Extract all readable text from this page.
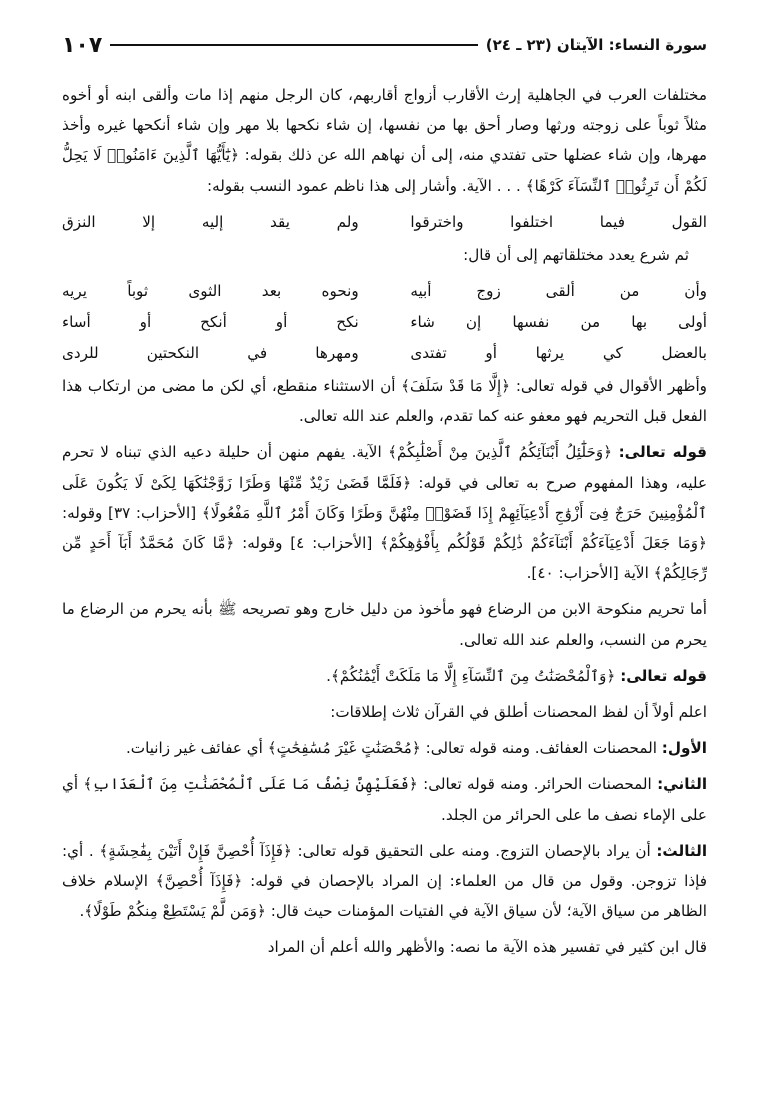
سورة النساء: الآيتان (٢٣ ـ ٢٤)
١٠٧

مختلفات العرب في الجاهلية إرث الأقارب أزواج أقاربهم، كان الرجل منهم إذا مات وألقى ابنه أو أخوه مثلاً ثوباً على زوجته ورثها وصار أحق بها من نفسها، إن شاء نكحها بلا مهر وإن شاء أنكحها غيره وأخذ مهرها، وإن شاء عضلها حتى تفتدي منه، إلى أن نهاهم الله عن ذلك بقوله: ﴿يَٰٓأَيُّهَا ٱلَّذِينَ ءَامَنُوا۟ لَا يَحِلُّ لَكُمْ أَن تَرِثُوا۟ ٱلنِّسَآءَ كَرْهًا﴾ . . . الآية. وأشار إلى هذا ناظم عمود النسب بقوله:

القول فيما اختلفوا واخترقوا
ولم يقد إليه إلا النزق

ثم شرع يعدد مختلقاتهم إلى أن قال:

وأن من ألقى زوج أبيه
ونحوه بعد الثوى ثوباً يريه
أولى بها من نفسها إن شاء
نكح أو أنكح أو أساء
بالعضل كي يرثها أو تفتدى
ومهرها في النكحتين للردى

وأظهر الأقوال في قوله تعالى: ﴿إِلَّا مَا قَدْ سَلَفَ﴾ أن الاستثناء منقطع، أي لكن ما مضى من ارتكاب هذا الفعل قبل التحريم فهو معفو عنه كما تقدم، والعلم عند الله تعالى.

قوله تعالى: ﴿وَحَلَٰٓئِلُ أَبْنَآئِكُمُ ٱلَّذِينَ مِنْ أَصْلَٰبِكُمْ﴾ الآية. يفهم منهن أن حليلة دعيه الذي تبناه لا تحرم عليه، وهذا المفهوم صرح به تعالى في قوله: ﴿فَلَمَّا قَضَىٰ زَيْدٌ مِّنْهَا وَطَرًا زَوَّجْنَٰكَهَا لِكَىْ لَا يَكُونَ عَلَى ٱلْمُؤْمِنِينَ حَرَجٌ فِىٓ أَزْوَٰجِ أَدْعِيَآئِهِمْ إِذَا قَضَوْا۟ مِنْهُنَّ وَطَرًا وَكَانَ أَمْرُ ٱللَّهِ مَفْعُولًا﴾ [الأحزاب: ٣٧] وقوله: ﴿وَمَا جَعَلَ أَدْعِيَآءَكُمْ أَبْنَآءَكُمْ ذَٰلِكُمْ قَوْلُكُم بِأَفْوَٰهِكُمْ﴾ [الأحزاب: ٤] وقوله: ﴿مَّا كَانَ مُحَمَّدٌ أَبَآ أَحَدٍ مِّن رِّجَالِكُمْ﴾ الآية [الأحزاب: ٤٠].

أما تحريم منكوحة الابن من الرضاع فهو مأخوذ من دليل خارج وهو تصريحه ﷺ بأنه يحرم من الرضاع ما يحرم من النسب، والعلم عند الله تعالى.

قوله تعالى: ﴿وَٱلْمُحْصَنَٰتُ مِنَ ٱلنِّسَآءِ إِلَّا مَا مَلَكَتْ أَيْمَٰنُكُمْ﴾.

اعلم أولاً أن لفظ المحصنات أطلق في القرآن ثلاث إطلاقات:

الأول: المحصنات العفائف. ومنه قوله تعالى: ﴿مُحْصَنَٰتٍ غَيْرَ مُسَٰفِحَٰتٍ﴾ أي عفائف غير زانيات.

الثاني: المحصنات الحرائر. ومنه قوله تعالى: ﴿فَعَلَيْهِنَّ نِصْفُ مَا عَلَى ٱلْمُحْصَنَٰتِ مِنَ ٱلْعَذَابِ﴾ أي على الإماء نصف ما على الحرائر من الجلد.

الثالث: أن يراد بالإحصان التزوج. ومنه على التحقيق قوله تعالى: ﴿فَإِذَآ أُحْصِنَّ فَإِنْ أَتَيْنَ بِفَٰحِشَةٍ﴾ . أي: فإذا تزوجن. وقول من قال من العلماء: إن المراد بالإحصان في قوله: ﴿فَإِذَآ أُحْصِنَّ﴾ الإسلام خلاف الظاهر من سياق الآية؛ لأن سياق الآية في الفتيات المؤمنات حيث قال: ﴿وَمَن لَّمْ يَسْتَطِعْ مِنكُمْ طَوْلًا﴾.

قال ابن كثير في تفسير هذه الآية ما نصه: والأظهر والله أعلم أن المراد
